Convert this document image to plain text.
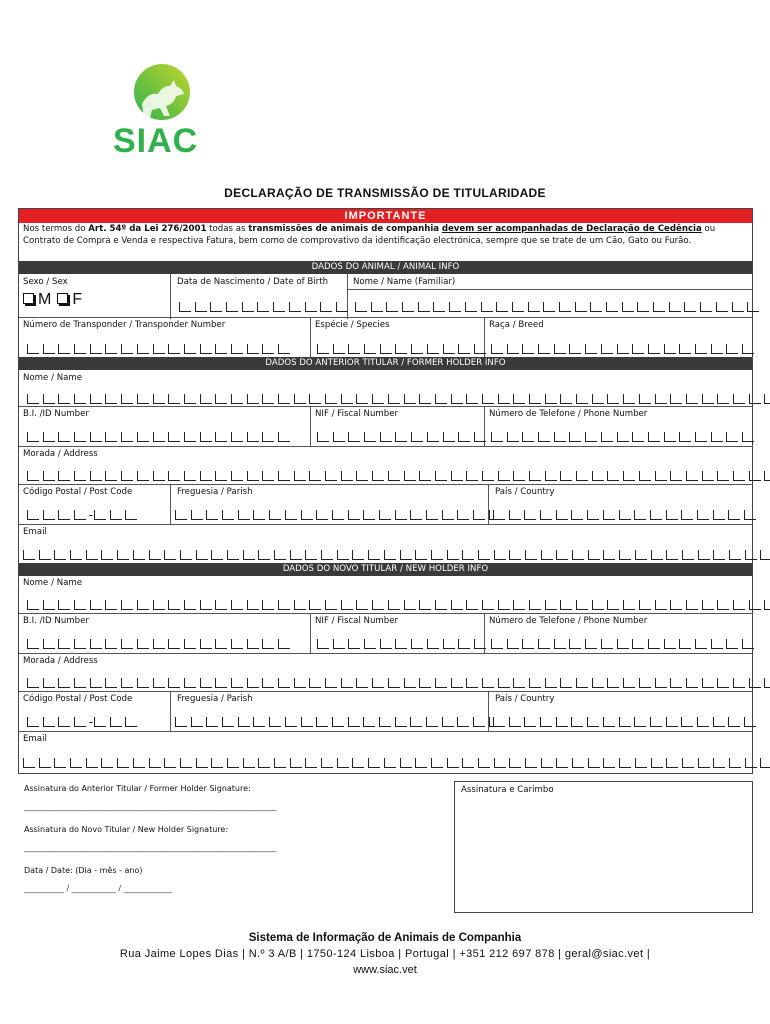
SIAC
DECLARAÇÃO DE TRANSMISSÃO DE TITULARIDADE
IMPORTANTE
Nos termos do Art. 54º da Lei 276/2001 todas as transmissões de animais de companhia devem ser acompanhadas de Declaração de Cedência ou Contrato de Compra e Venda e respectiva Fatura, bem como de comprovativo da identificação electrónica, sempre que se trate de um Cão, Gato ou Furão.
DADOS DO ANIMAL / ANIMAL INFO
Sexo / Sex	Data de Nascimento / Date of Birth	Nome / Name (Familiar)
M	F
Número de Transponder / Transponder Number	Espécie / Species	Raça / Breed
DADOS DO ANTERIOR TITULAR / FORMER HOLDER INFO
Nome / Name
B.I. /ID Number	NIF / Fiscal Number	Número de Telefone / Phone Number
Morada / Address
Código Postal / Post Code	Freguesia / Parish	País / Country
-
Email
DADOS DO NOVO TITULAR / NEW HOLDER INFO
Nome / Name
B.I. /ID Number	NIF / Fiscal Number	Número de Telefone / Phone Number
Morada / Address
Código Postal / Post Code	Freguesia / Parish	País / Country
-
Email
Assinatura do Anterior Titular / Former Holder Signature:
________________________________________________________________________
Assinatura do Novo Titular / New Holder Signature:
________________________________________________________________________
Data / Date: (Dia - mês - ano)
__________ / ___________ / ____________
Assinatura e Carimbo
Sistema de Informação de Animais de Companhia
Rua Jaime Lopes Dias | N.º 3 A/B | 1750-124 Lisboa | Portugal | +351 212 697 878 | geral@siac.vet |
www.siac.vet
